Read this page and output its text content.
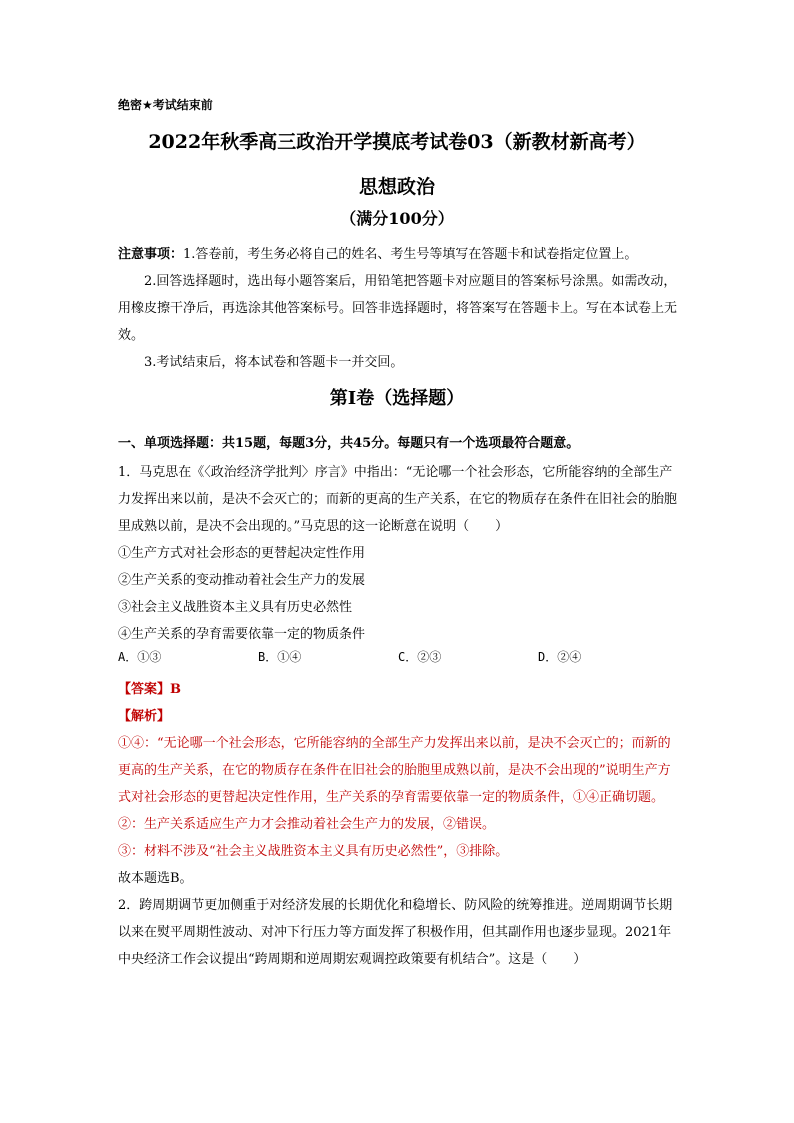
绝密★考试结束前

2022年秋季高三政治开学摸底考试卷03（新教材新高考）

思想政治

（满分100分）

注意事项：1.答卷前，考生务必将自己的姓名、考生号等填写在答题卡和试卷指定位置上。
2.回答选择题时，选出每小题答案后，用铅笔把答题卡对应题目的答案标号涂黑。如需改动，用橡皮擦干净后，再选涂其他答案标号。回答非选择题时，将答案写在答题卡上。写在本试卷上无效。
3.考试结束后，将本试卷和答题卡一并交回。

第Ⅰ卷（选择题）

一、单项选择题：共15题，每题3分，共45分。每题只有一个选项最符合题意。

1．马克思在《〈政治经济学批判〉序言》中指出：“无论哪一个社会形态，它所能容纳的全部生产力发挥出来以前，是决不会灭亡的；而新的更高的生产关系，在它的物质存在条件在旧社会的胎胞里成熟以前，是决不会出现的。”马克思的这一论断意在说明（　　）
①生产方式对社会形态的更替起决定性作用
②生产关系的变动推动着社会生产力的发展
③社会主义战胜资本主义具有历史必然性
④生产关系的孕育需要依靠一定的物质条件
A．①③	B．①④	C．②③	D．②④
【答案】B
【解析】
①④：“无论哪一个社会形态，它所能容纳的全部生产力发挥出来以前，是决不会灭亡的；而新的更高的生产关系，在它的物质存在条件在旧社会的胎胞里成熟以前，是决不会出现的”说明生产方式对社会形态的更替起决定性作用，生产关系的孕育需要依靠一定的物质条件，①④正确切题。
②：生产关系适应生产力才会推动着社会生产力的发展，②错误。
③：材料不涉及“社会主义战胜资本主义具有历史必然性”，③排除。
故本题选B。
2．跨周期调节更加侧重于对经济发展的长期优化和稳增长、防风险的统筹推进。逆周期调节长期以来在熨平周期性波动、对冲下行压力等方面发挥了积极作用，但其副作用也逐步显现。2021年中央经济工作会议提出“跨周期和逆周期宏观调控政策要有机结合”。这是（　　）
